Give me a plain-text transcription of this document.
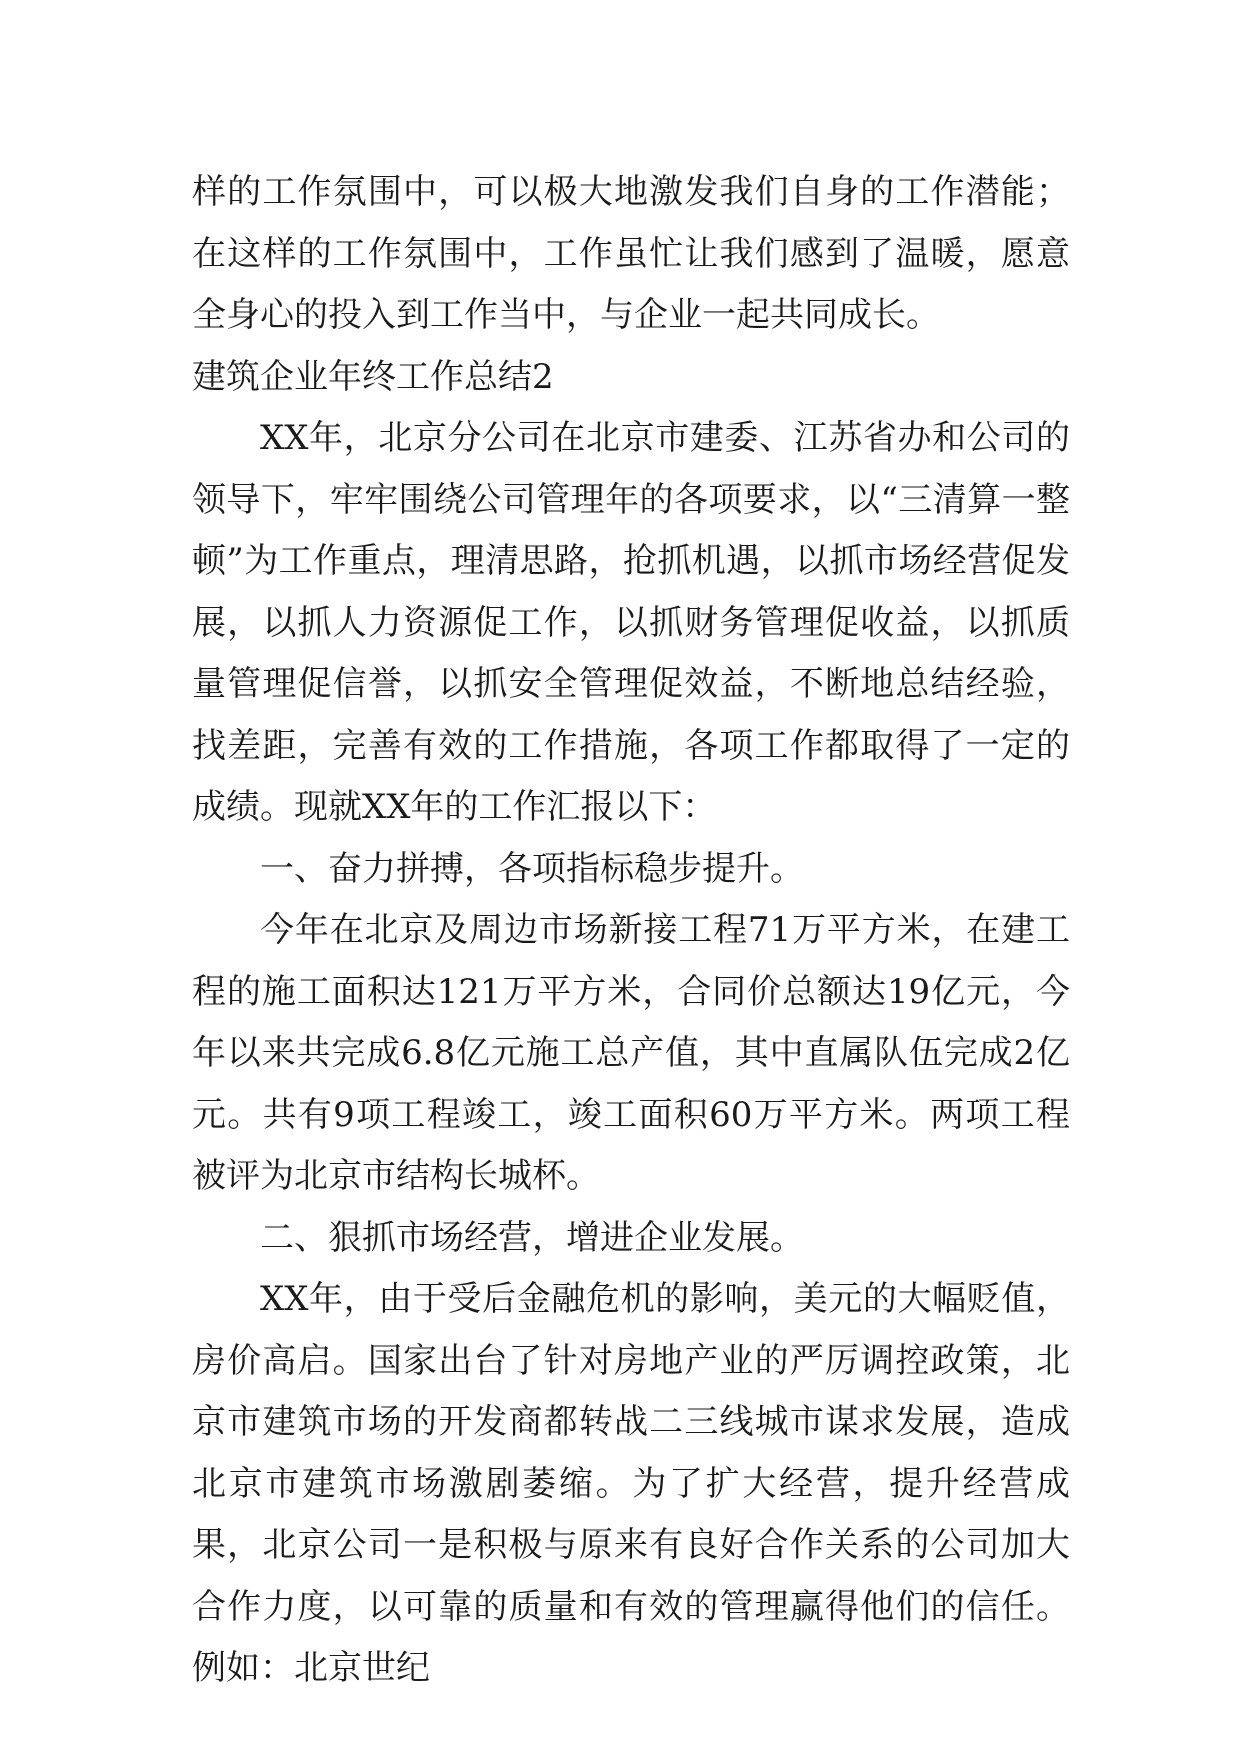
样的工作氛围中，可以极大地激发我们自身的工作潜能；在这样的工作氛围中，工作虽忙让我们感到了温暖，愿意全身心的投入到工作当中，与企业一起共同成长。

建筑企业年终工作总结2

XX年，北京分公司在北京市建委、江苏省办和公司的领导下，牢牢围绕公司管理年的各项要求，以“三清算一整顿”为工作重点，理清思路，抢抓机遇，以抓市场经营促发展，以抓人力资源促工作，以抓财务管理促收益，以抓质量管理促信誉，以抓安全管理促效益，不断地总结经验，找差距，完善有效的工作措施，各项工作都取得了一定的成绩。现就XX年的工作汇报以下：

一、奋力拼搏，各项指标稳步提升。

今年在北京及周边市场新接工程71万平方米，在建工程的施工面积达121万平方米，合同价总额达19亿元，今年以来共完成6.8亿元施工总产值，其中直属队伍完成2亿元。共有9项工程竣工，竣工面积60万平方米。两项工程被评为北京市结构长城杯。

二、狠抓市场经营，增进企业发展。

XX年，由于受后金融危机的影响，美元的大幅贬值，房价高启。国家出台了针对房地产业的严厉调控政策，北京市建筑市场的开发商都转战二三线城市谋求发展，造成北京市建筑市场激剧萎缩。为了扩大经营，提升经营成果，北京公司一是积极与原来有良好合作关系的公司加大合作力度，以可靠的质量和有效的管理赢得他们的信任。例如：北京世纪
